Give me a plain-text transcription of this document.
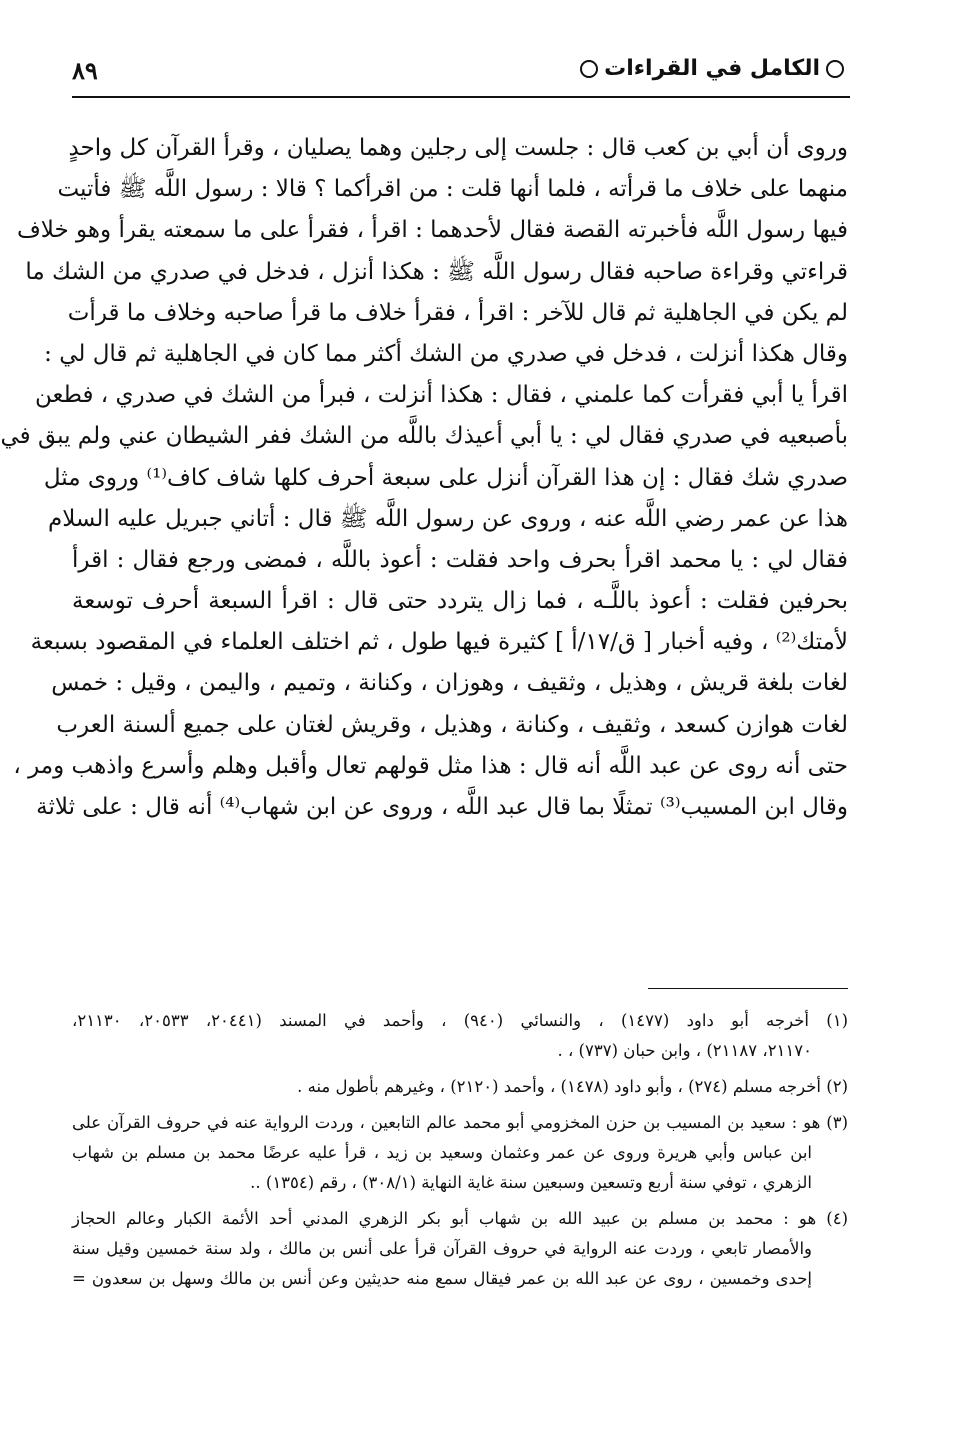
الكامل في القراءات
٨٩
وروى أن أبي بن كعب قال : جلست إلى رجلين وهما يصليان ، وقرأ القرآن كل واحدٍ
منهما على خلاف ما قرأته ، فلما أنها قلت : من اقرأكما ؟ قالا : رسول اللَّه ﷺ فأتيت
فيها رسول اللَّه فأخبرته القصة فقال لأحدهما : اقرأ ، فقرأ على ما سمعته يقرأ وهو خلاف
قراءتي وقراءة صاحبه فقال رسول اللَّه ﷺ : هكذا أنزل ، فدخل في صدري من الشك ما
لم يكن في الجاهلية ثم قال للآخر : اقرأ ، فقرأ خلاف ما قرأ صاحبه وخلاف ما قرأت
وقال هكذا أنزلت ، فدخل في صدري من الشك أكثر مما كان في الجاهلية ثم قال لي :
اقرأ يا أبي فقرأت كما علمني ، فقال : هكذا أنزلت ، فبرأ من الشك في صدري ، فطعن
بأصبعيه في صدري فقال لي : يا أبي أعيذك باللَّه من الشك ففر الشيطان عني ولم يبق في
صدري شك فقال : إن هذا القرآن أنزل على سبعة أحرف كلها شاف كاف⁽¹⁾ وروى مثل
هذا عن عمر رضي اللَّه عنه ، وروى عن رسول اللَّه ﷺ قال : أتاني جبريل عليه السلام
فقال لي : يا محمد اقرأ بحرف واحد فقلت : أعوذ باللَّه ، فمضى ورجع فقال : اقرأ
بحرفين فقلت : أعوذ باللَّـه ، فما زال يتردد حتى قال : اقرأ السبعة أحرف توسعة
لأمتك⁽²⁾ ، وفيه أخبار [ ق/١٧/أ ] كثيرة فيها طول ، ثم اختلف العلماء في المقصود بسبعة
لغات بلغة قريش ، وهذيل ، وثقيف ، وهوزان ، وكنانة ، وتميم ، واليمن ، وقيل : خمس
لغات هوازن كسعد ، وثقيف ، وكنانة ، وهذيل ، وقريش لغتان على جميع ألسنة العرب
حتى أنه روى عن عبد اللَّه أنه قال : هذا مثل قولهم تعال وأقبل وهلم وأسرع واذهب ومر ،
وقال ابن المسيب⁽³⁾ تمثلًا بما قال عبد اللَّه ، وروى عن ابن شهاب⁽⁴⁾ أنه قال : على ثلاثة
(١) أخرجه أبو داود (١٤٧٧) ، والنسائي (٩٤٠) ، وأحمد في المسند (٢٠٤٤١، ٢٠٥٣٣، ٢١١٣٠،
٢١١٧٠، ٢١١٨٧) ، وابن حبان (٧٣٧) ، .
(٢) أخرجه مسلم (٢٧٤) ، وأبو داود (١٤٧٨) ، وأحمد (٢١٢٠) ، وغيرهم بأطول منه .
(٣) هو : سعيد بن المسيب بن حزن المخزومي أبو محمد عالم التابعين ، وردت الرواية عنه في حروف القرآن على
ابن عباس وأبي هريرة وروى عن عمر وعثمان وسعيد بن زيد ، قرأ عليه عرضًا محمد بن مسلم بن شهاب
الزهري ، توفي سنة أربع وتسعين وسبعين سنة غاية النهاية (٣٠٨/١) ، رقم (١٣٥٤) ..
(٤) هو : محمد بن مسلم بن عبيد الله بن شهاب أبو بكر الزهري المدني أحد الأئمة الكبار وعالم الحجاز
والأمصار تابعي ، وردت عنه الرواية في حروف القرآن قرأ على أنس بن مالك ، ولد سنة خمسين وقيل سنة
إحدى وخمسين ، روى عن عبد الله بن عمر فيقال سمع منه حديثين وعن أنس بن مالك وسهل بن سعدون =
